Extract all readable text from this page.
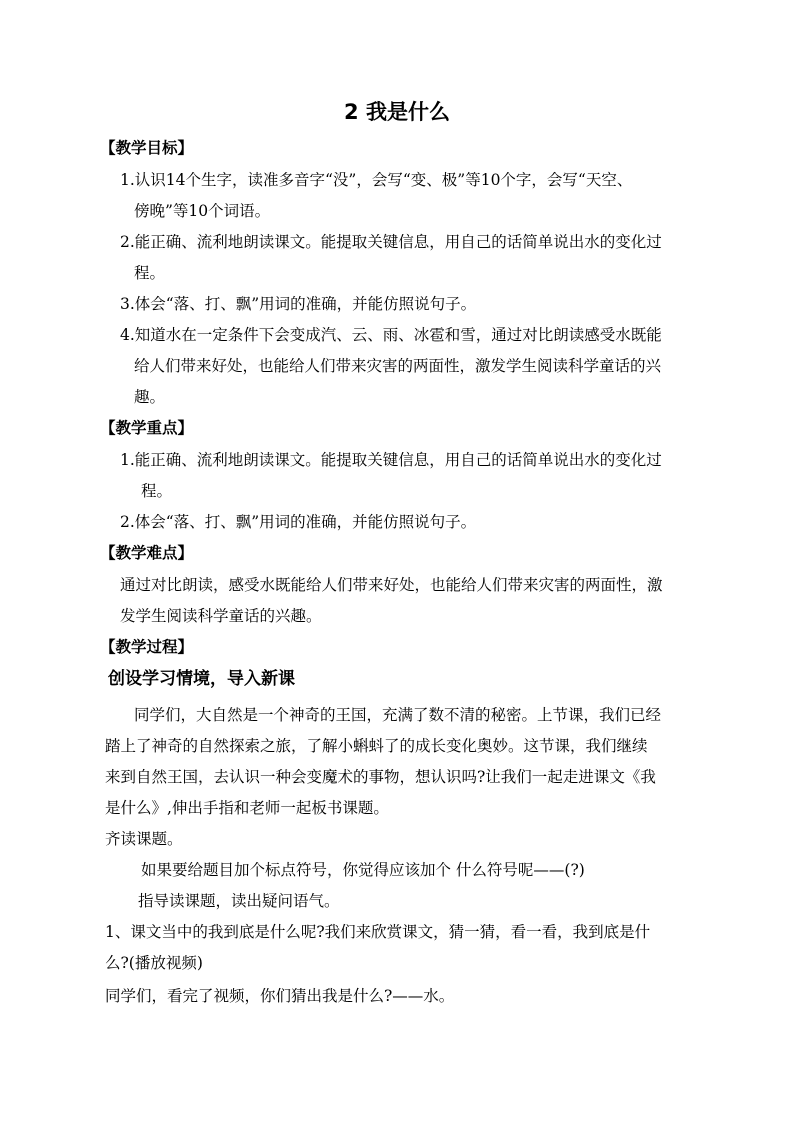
2 我是什么
【教学目标】
1.认识14个生字，读准多音字“没”，会写“变、极”等10个字，会写“天空、
傍晚”等10个词语。
2.能正确、流利地朗读课文。能提取关键信息，用自己的话简单说出水的变化过
程。
3.体会“落、打、飘”用词的准确，并能仿照说句子。
4.知道水在一定条件下会变成汽、云、雨、冰雹和雪，通过对比朗读感受水既能
给人们带来好处，也能给人们带来灾害的两面性，激发学生阅读科学童话的兴
趣。
【教学重点】
1.能正确、流利地朗读课文。能提取关键信息，用自己的话简单说出水的变化过
程。
2.体会“落、打、飘”用词的准确，并能仿照说句子。
【教学难点】
通过对比朗读，感受水既能给人们带来好处，也能给人们带来灾害的两面性，激
发学生阅读科学童话的兴趣。
【教学过程】
创设学习情境，导入新课
同学们，大自然是一个神奇的王国，充满了数不清的秘密。上节课，我们已经
踏上了神奇的自然探索之旅，了解小蝌蚪了的成长变化奥妙。这节课，我们继续
来到自然王国，去认识一种会变魔术的事物，想认识吗?让我们一起走进课文《我
是什么》,伸出手指和老师一起板书课题。
齐读课题。
如果要给题目加个标点符号，你觉得应该加个 什么符号呢——(?)
指导读课题，读出疑问语气。
1、课文当中的我到底是什么呢?我们来欣赏课文，猜一猜，看一看，我到底是什
么?(播放视频)
同学们，看完了视频，你们猜出我是什么?——水。
